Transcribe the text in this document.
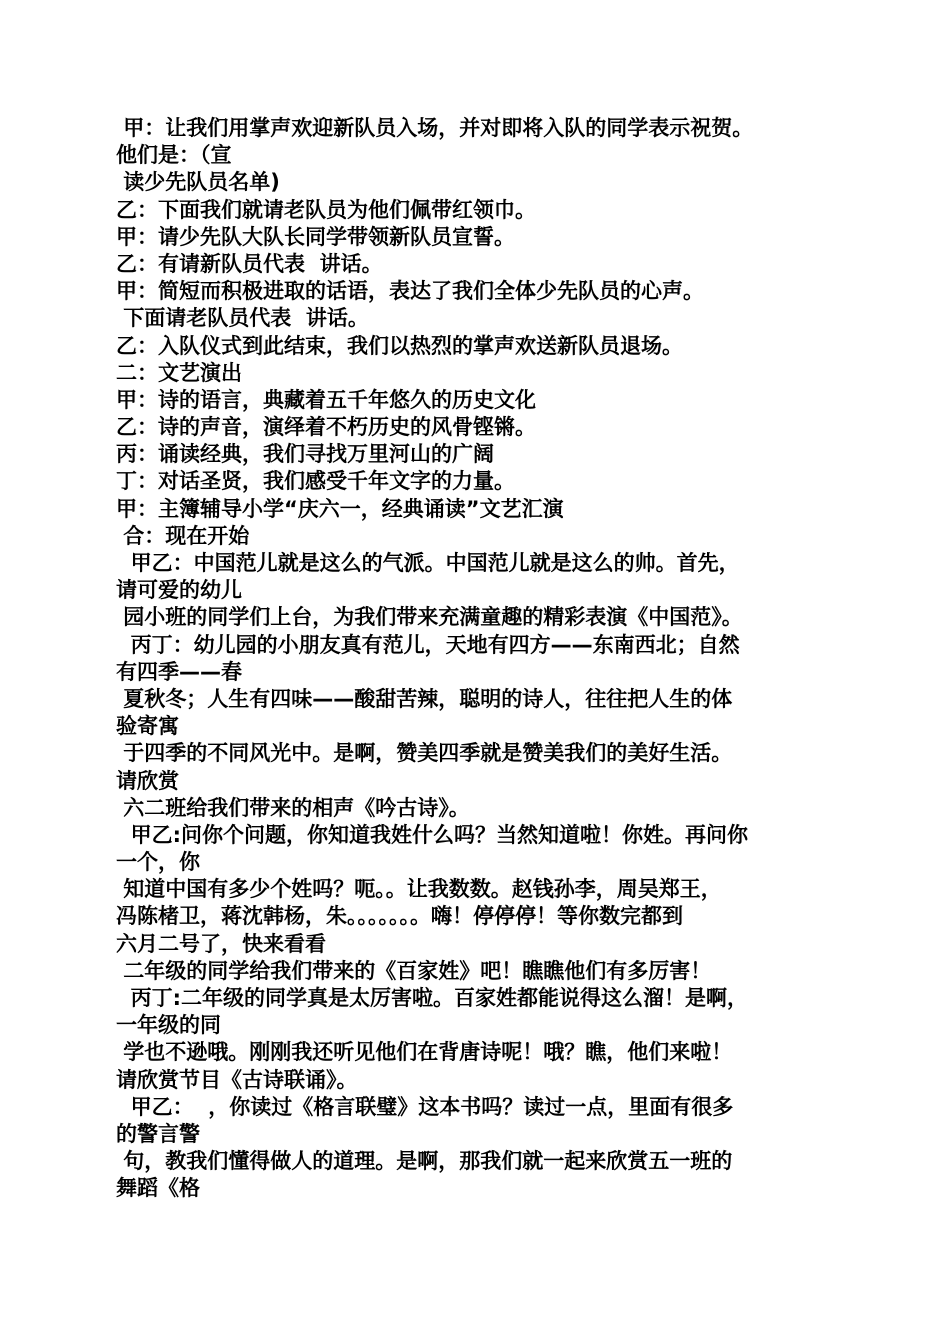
甲：让我们用掌声欢迎新队员入场，并对即将入队的同学表示祝贺。
他们是：（宣
读少先队员名单)
乙：下面我们就请老队员为他们佩带红领巾。
甲：请少先队大队长同学带领新队员宣誓。
乙：有请新队员代表  讲话。
甲：简短而积极进取的话语，表达了我们全体少先队员的心声。
下面请老队员代表  讲话。
乙：入队仪式到此结束，我们以热烈的掌声欢送新队员退场。
二：文艺演出
甲：诗的语言，典藏着五千年悠久的历史文化
乙：诗的声音，演绎着不朽历史的风骨铿锵。
丙：诵读经典，我们寻找万里河山的广阔
丁：对话圣贤，我们感受千年文字的力量。
甲：主簿辅导小学“庆六一，经典诵读”文艺汇演
合：现在开始
甲乙：中国范儿就是这么的气派。中国范儿就是这么的帅。首先，
请可爱的幼儿
园小班的同学们上台，为我们带来充满童趣的精彩表演《中国范》。
丙丁：幼儿园的小朋友真有范儿，天地有四方——东南西北；自然
有四季——春
夏秋冬；人生有四味——酸甜苦辣，聪明的诗人，往往把人生的体
验寄寓
于四季的不同风光中。是啊，赞美四季就是赞美我们的美好生活。
请欣赏
六二班给我们带来的相声《吟古诗》。
甲乙:问你个问题，你知道我姓什么吗？当然知道啦！你姓。再问你
一个，你
知道中国有多少个姓吗？呃。。让我数数。赵钱孙李，周吴郑王，
冯陈楮卫，蒋沈韩杨，朱。。。。。。。嗨！停停停！等你数完都到
六月二号了，快来看看
二年级的同学给我们带来的《百家姓》吧！瞧瞧他们有多厉害！
丙丁:二年级的同学真是太厉害啦。百家姓都能说得这么溜！是啊，
一年级的同
学也不逊哦。刚刚我还听见他们在背唐诗呢！哦？瞧，他们来啦！
请欣赏节目《古诗联诵》。
甲乙：  ，你读过《格言联璧》这本书吗？读过一点，里面有很多
的警言警
句，教我们懂得做人的道理。是啊，那我们就一起来欣赏五一班的
舞蹈《格
